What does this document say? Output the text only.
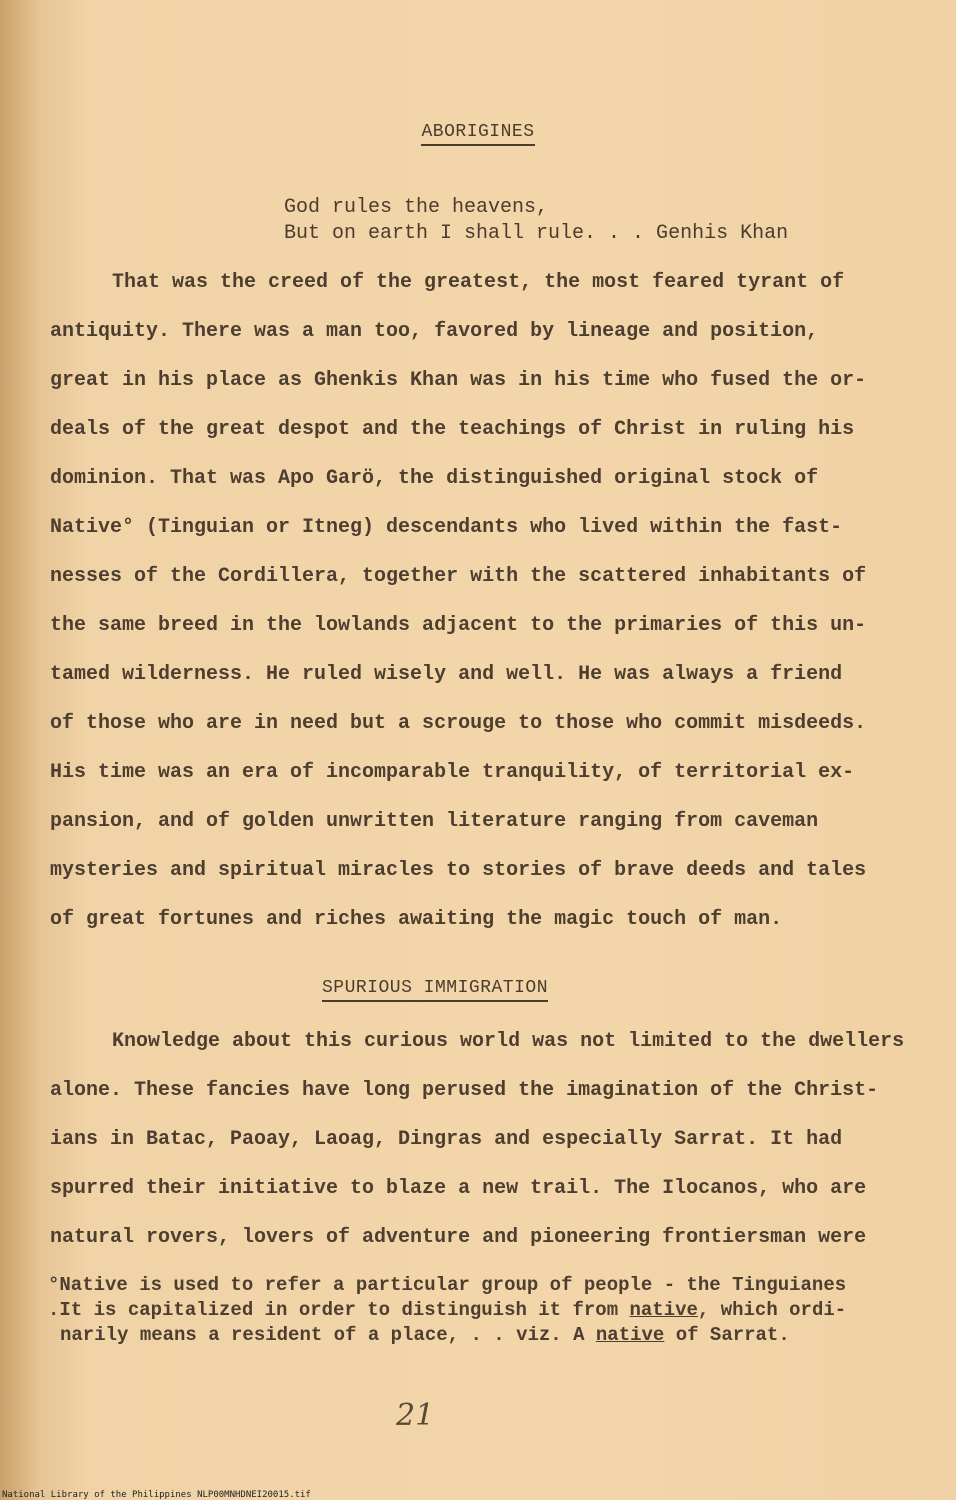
ABORIGINES
God rules the heavens,
But on earth I shall rule. . . Genhis Khan
That was the creed of the greatest, the most feared tyrant of
antiquity. There was a man too, favored by lineage and position,
great in his place as Ghenkis Khan was in his time who fused the or-
deals of the great despot and the teachings of Christ in ruling his
dominion. That was Apo Garö, the distinguished original stock of
Native° (Tinguian or Itneg) descendants who lived within the fast-
nesses of the Cordillera, together with the scattered inhabitants of
the same breed in the lowlands adjacent to the primaries of this un-
tamed wilderness. He ruled wisely and well. He was always a friend
of those who are in need but a scrouge to those who commit misdeeds.
His time was an era of incomparable tranquility, of territorial ex-
pansion, and of golden unwritten literature ranging from caveman
mysteries and spiritual miracles to stories of brave deeds and tales
of great fortunes and riches awaiting the magic touch of man.
SPURIOUS IMMIGRATION
Knowledge about this curious world was not limited to the dwellers
alone. These fancies have long perused the imagination of the Christ-
ians in Batac, Paoay, Laoag, Dingras and especially Sarrat. It had
spurred their initiative to blaze a new trail. The Ilocanos, who are
natural rovers, lovers of adventure and pioneering frontiersman were
°Native is used to refer a particular group of people - the Tinguianes
.It is capitalized in order to distinguish it from native, which ordi-
narily means a resident of a place, . . viz. A native of Sarrat.
21
National Library of the Philippines NLP00MNHDNEI20015.tif
